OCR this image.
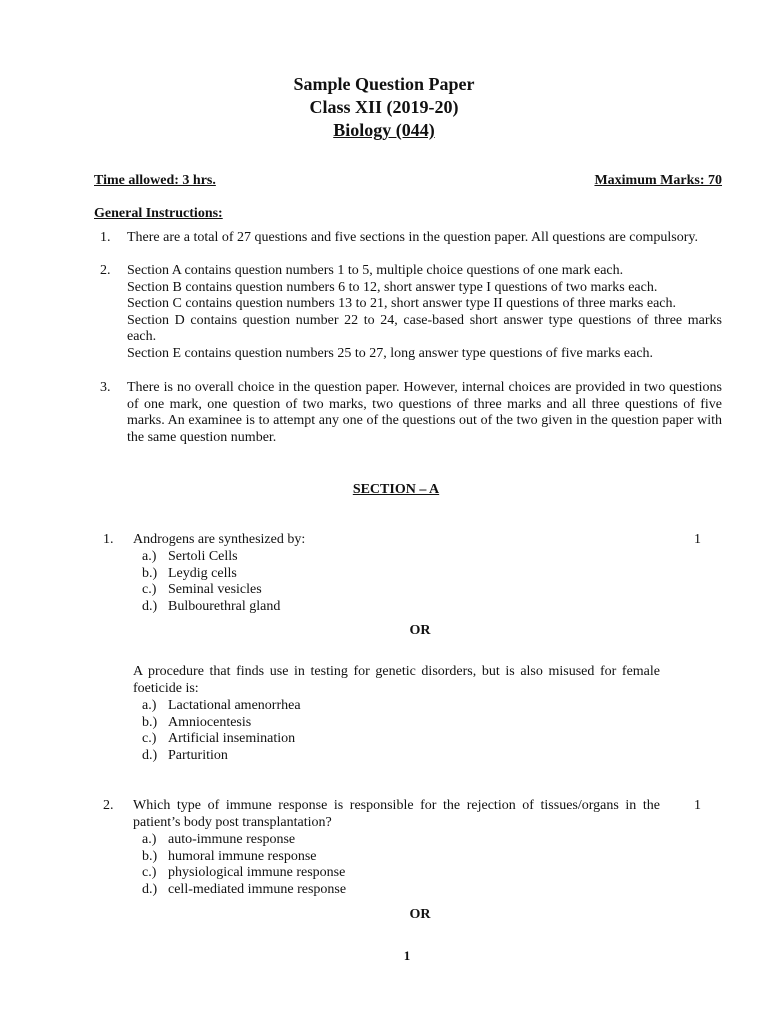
Sample Question Paper
Class XII (2019-20)
Biology (044)
Time allowed: 3 hrs.	Maximum Marks: 70
General Instructions:
1.	There are a total of 27 questions and five sections in the question paper. All questions are compulsory.

2.	Section A contains question numbers 1 to 5, multiple choice questions of one mark each.

Section B contains question numbers 6 to 12, short answer type I questions of two marks each.

Section C contains question numbers 13 to 21, short answer type II questions of three marks each.

Section D contains question number 22 to 24, case-based short answer type questions of three marks each.

Section E contains question numbers 25 to 27, long answer type questions of five marks each.

3.	There is no overall choice in the question paper. However, internal choices are provided in two questions of one mark, one question of two marks, two questions of three marks and all three questions of five marks. An examinee is to attempt any one of the questions out of the two given in the question paper with the same question number.

SECTION – A
1. Androgens are synthesized by:	1
a.) Sertoli Cells
b.) Leydig cells
c.) Seminal vesicles
d.) Bulbourethral gland
OR
A procedure that finds use in testing for genetic disorders, but is also misused for female foeticide is:
a.) Lactational amenorrhea
b.) Amniocentesis
c.) Artificial insemination
d.) Parturition
2. Which type of immune response is responsible for the rejection of tissues/organs in the patient’s body post transplantation?
1
a.) auto-immune response
b.) humoral immune response
c.) physiological immune response
d.) cell-mediated immune response
OR
1
